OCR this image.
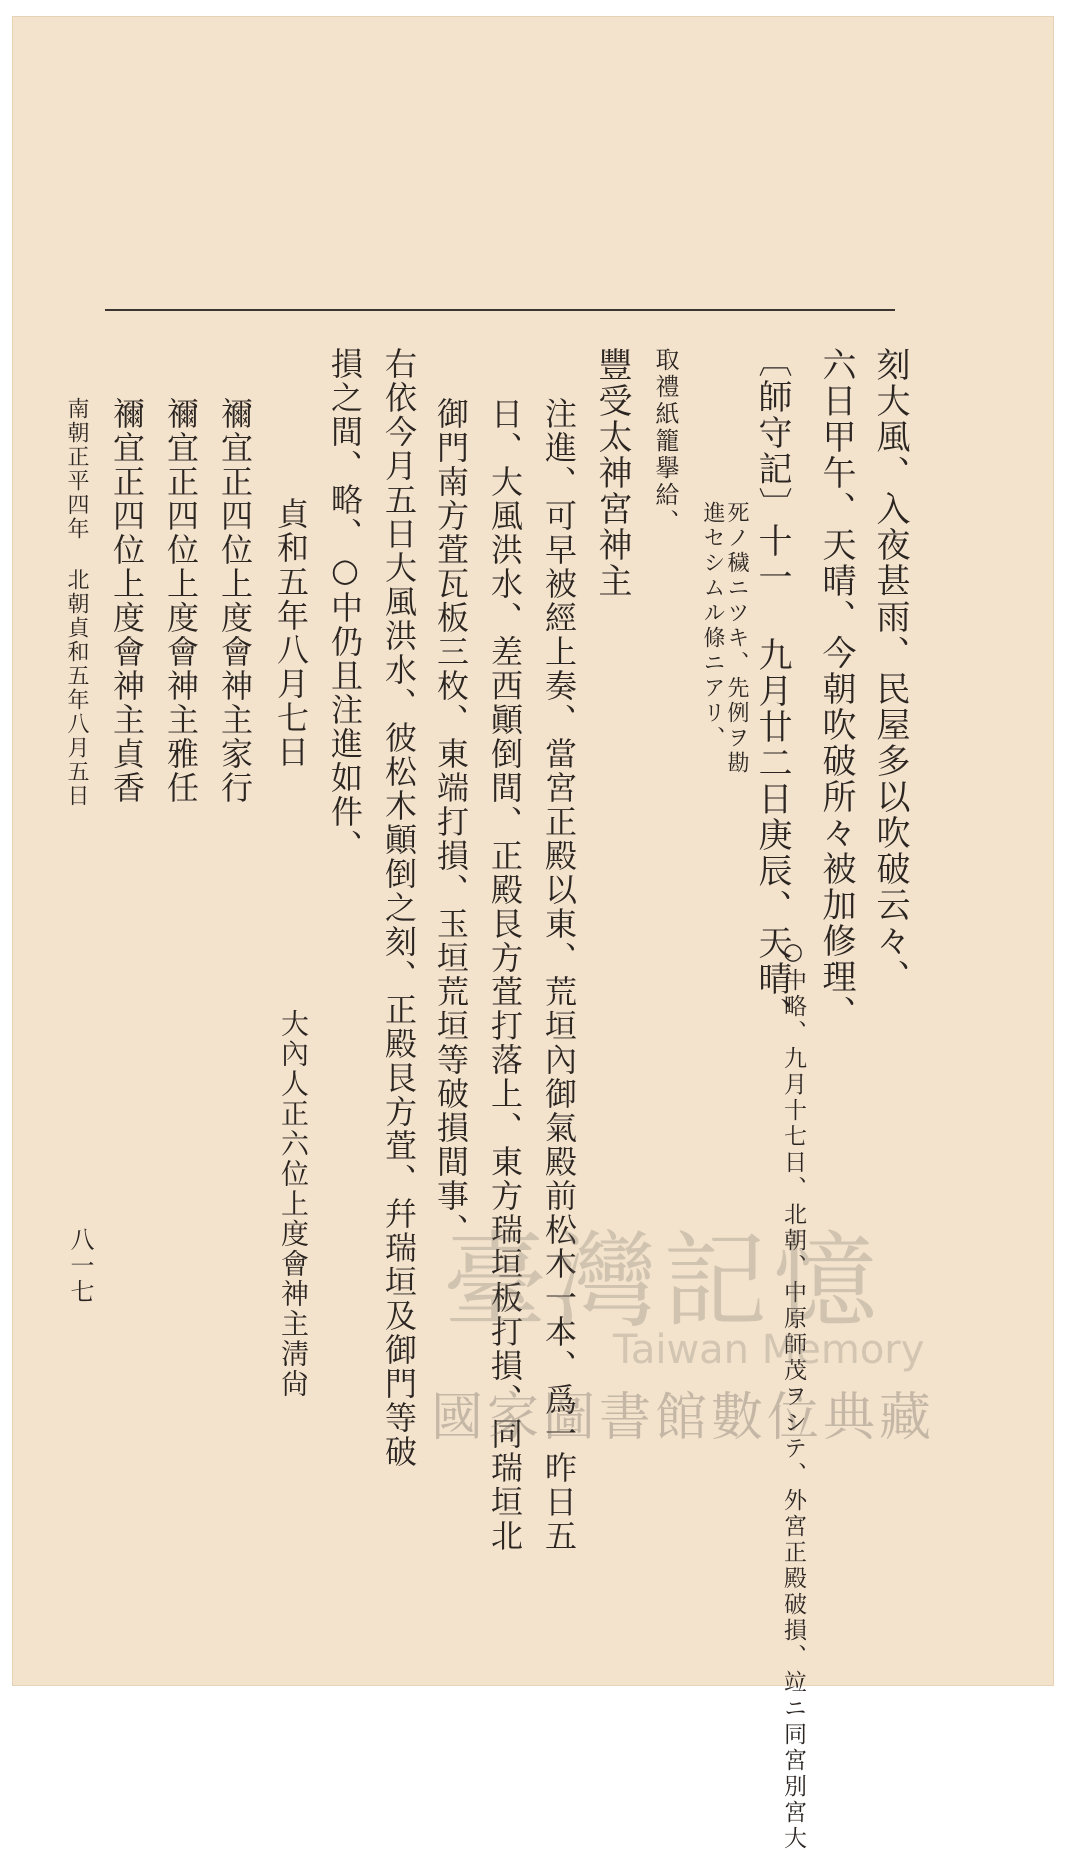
刻大風、入夜甚雨、民屋多以吹破云々、
六日甲午、天晴、今朝吹破所々被加修理、
〔師守記〕十一 九月廿二日庚辰、天晴、
○中略、九月十七日、北朝、中原師茂ヲシテ、外宮正殿破損、竝ニ同宮別宮大
進セシムル條ニアリ、 死ノ穢ニツキ、先例ヲ勘
取禮紙籠擧給、
豐受太神宮神主
注進、可早被經上奏、當宮正殿以東、荒垣內御氣殿前松木一本、爲一昨日五
日、大風洪水、差西顚倒間、正殿艮方萓打落上、東方瑞垣板打損、同瑞垣北
御門南方萓瓦板三枚、東端打損、玉垣荒垣等破損間事、
右依今月五日大風洪水、彼松木顚倒之刻、正殿艮方萓、幷瑞垣及御門等破
損之間、略、○中仍且注進如件、
貞和五年八月七日
大內人正六位上度會神主淸尙
禰宜正四位上度會神主家行
禰宜正四位上度會神主雅任
禰宜正四位上度會神主貞香
南朝正平四年 北朝貞和五年八月五日
八一七	臺灣記憶
Taiwan Memory
國家圖書館數位典藏
